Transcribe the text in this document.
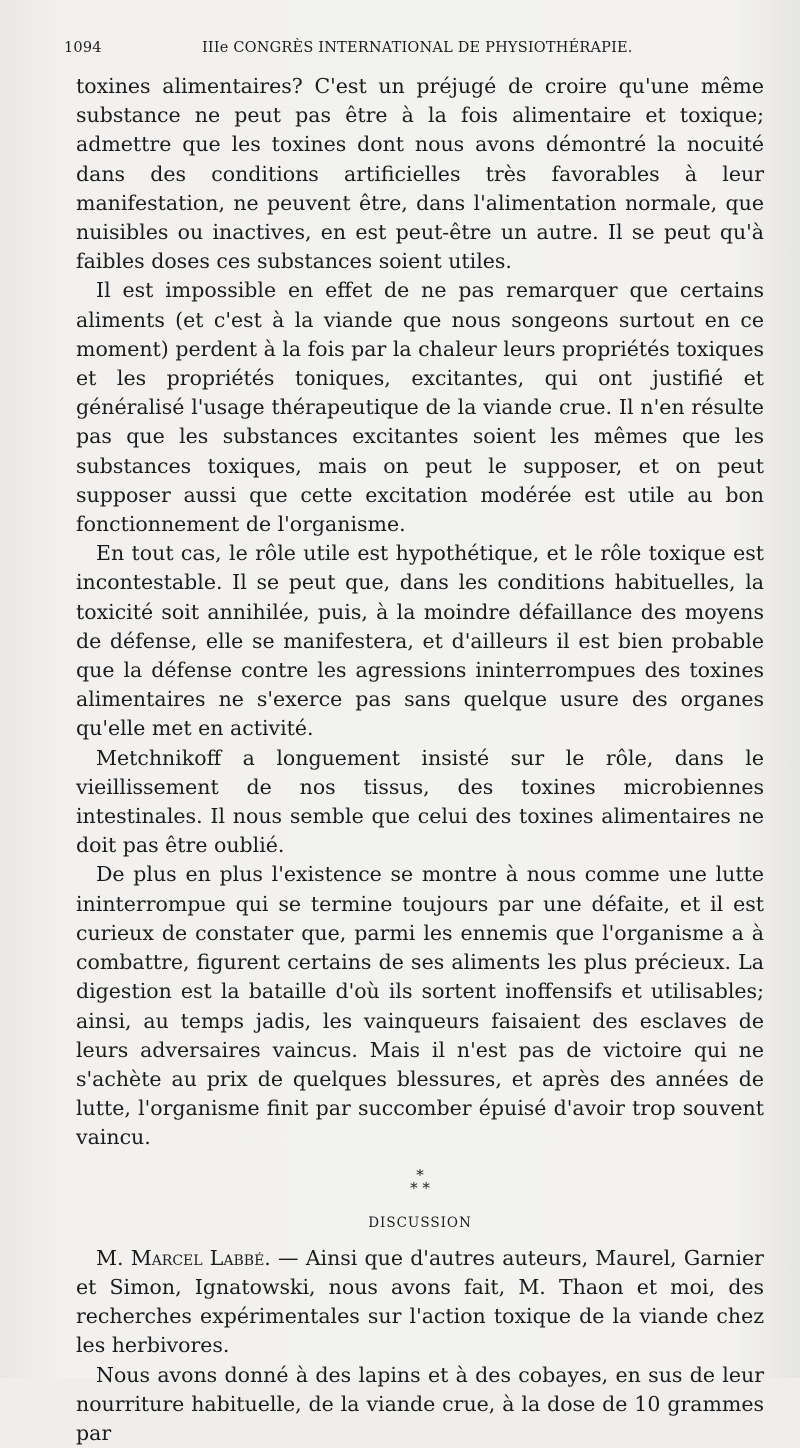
1094	IIIe CONGRÈS INTERNATIONAL DE PHYSIOTHÉRAPIE.

toxines alimentaires? C'est un préjugé de croire qu'une même substance ne peut pas être à la fois alimentaire et toxique; admettre que les toxines dont nous avons démontré la nocuité dans des conditions artificielles très favorables à leur manifestation, ne peuvent être, dans l'alimentation normale, que nuisibles ou inactives, en est peut-être un autre. Il se peut qu'à faibles doses ces substances soient utiles.

Il est impossible en effet de ne pas remarquer que certains aliments (et c'est à la viande que nous songeons surtout en ce moment) perdent à la fois par la chaleur leurs propriétés toxiques et les propriétés toniques, excitantes, qui ont justifié et généralisé l'usage thérapeutique de la viande crue. Il n'en résulte pas que les substances excitantes soient les mêmes que les substances toxiques, mais on peut le supposer, et on peut supposer aussi que cette excitation modérée est utile au bon fonctionnement de l'organisme.

En tout cas, le rôle utile est hypothétique, et le rôle toxique est incontestable. Il se peut que, dans les conditions habituelles, la toxicité soit annihilée, puis, à la moindre défaillance des moyens de défense, elle se manifestera, et d'ailleurs il est bien probable que la défense contre les agressions ininterrompues des toxines alimentaires ne s'exerce pas sans quelque usure des organes qu'elle met en activité.

Metchnikoff a longuement insisté sur le rôle, dans le vieillissement de nos tissus, des toxines microbiennes intestinales. Il nous semble que celui des toxines alimentaires ne doit pas être oublié.

De plus en plus l'existence se montre à nous comme une lutte ininterrompue qui se termine toujours par une défaite, et il est curieux de constater que, parmi les ennemis que l'organisme a à combattre, figurent certains de ses aliments les plus précieux. La digestion est la bataille d'où ils sortent inoffensifs et utilisables; ainsi, au temps jadis, les vainqueurs faisaient des esclaves de leurs adversaires vaincus. Mais il n'est pas de victoire qui ne s'achète au prix de quelques blessures, et après des années de lutte, l'organisme finit par succomber épuisé d'avoir trop souvent vaincu.

*
* *
DISCUSSION

M. Marcel Labbé. — Ainsi que d'autres auteurs, Maurel, Garnier et Simon, Ignatowski, nous avons fait, M. Thaon et moi, des recherches expérimentales sur l'action toxique de la viande chez les herbivores.

Nous avons donné à des lapins et à des cobayes, en sus de leur nourriture habituelle, de la viande crue, à la dose de 10 grammes par
